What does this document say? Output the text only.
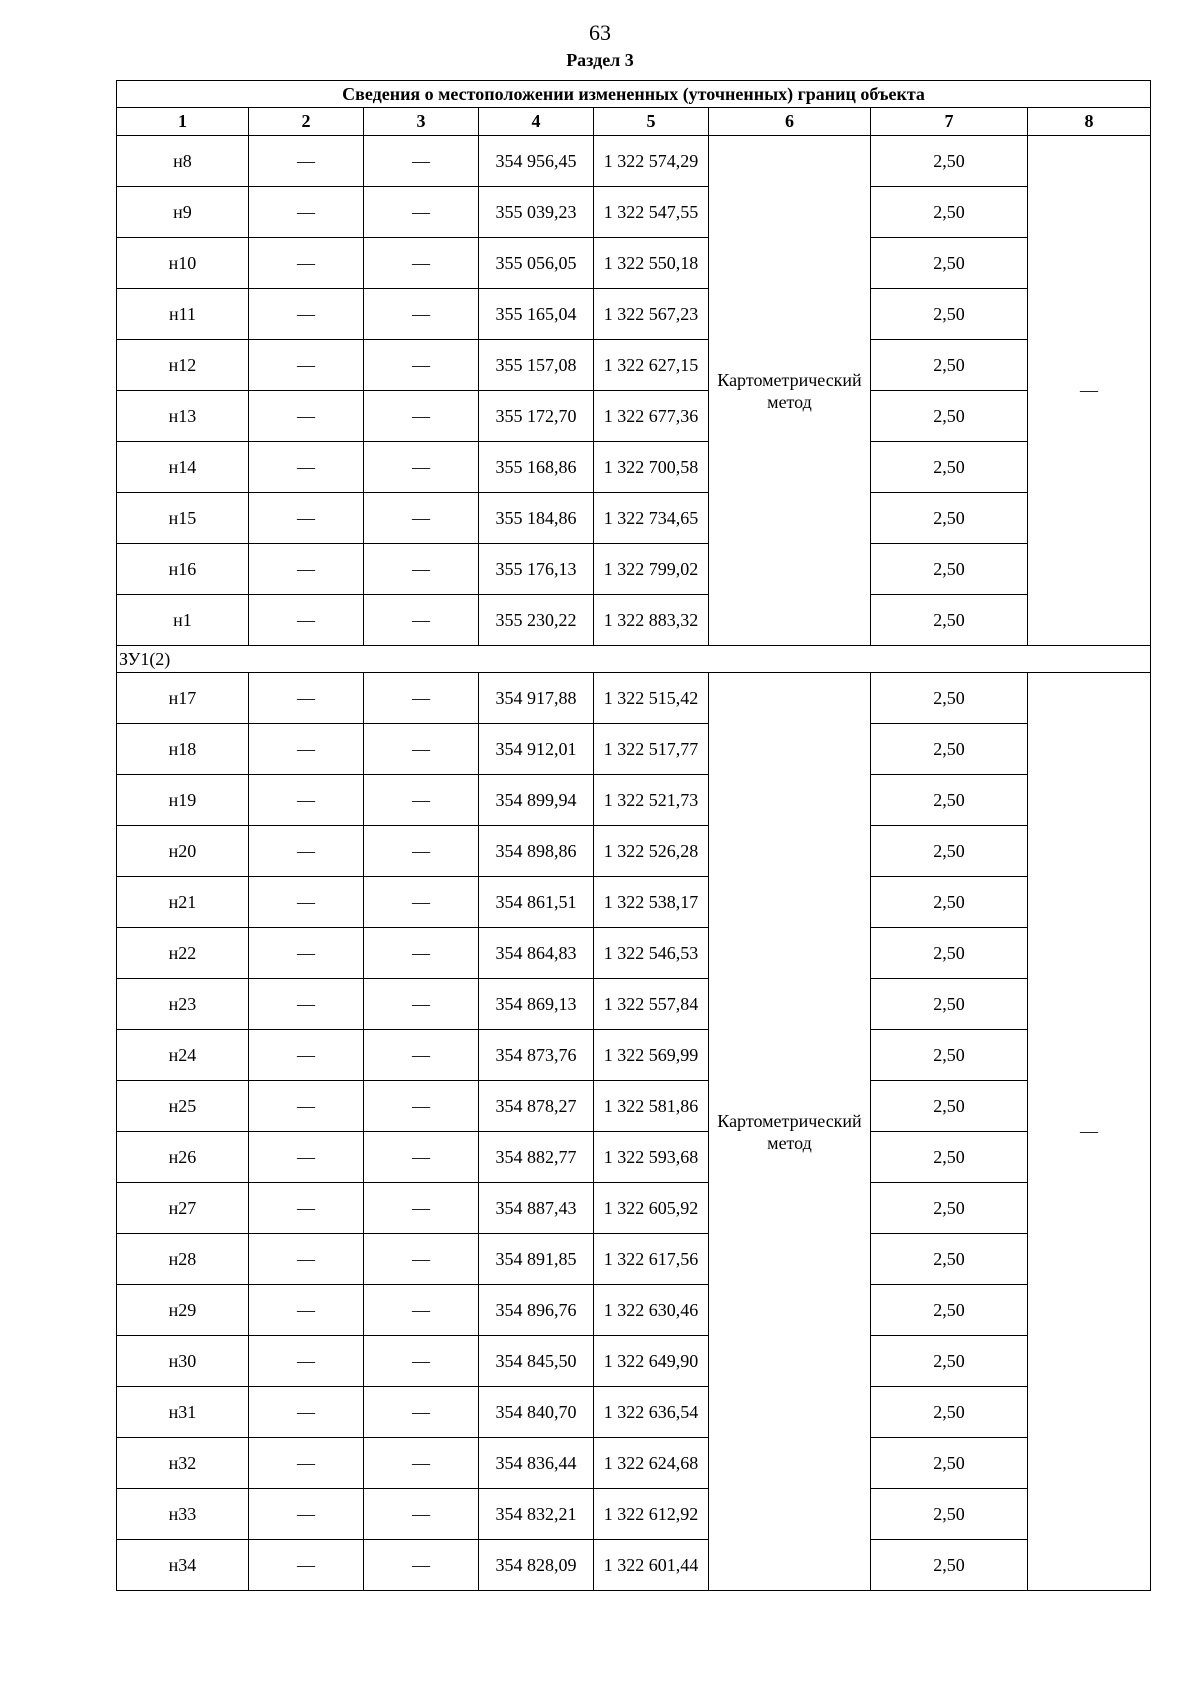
63
Раздел 3
Сведения о местоположении измененных (уточненных) границ объекта							
1	2	3	4	5	6	7	8
н8	—	—	354 956,45	1 322 574,29	Картометрический метод	2,50	—
н9	—	—	355 039,23	1 322 547,55		2,50	
н10	—	—	355 056,05	1 322 550,18		2,50	
н11	—	—	355 165,04	1 322 567,23		2,50	
н12	—	—	355 157,08	1 322 627,15		2,50	
н13	—	—	355 172,70	1 322 677,36		2,50	
н14	—	—	355 168,86	1 322 700,58		2,50	
н15	—	—	355 184,86	1 322 734,65		2,50	
н16	—	—	355 176,13	1 322 799,02		2,50	
н1	—	—	355 230,22	1 322 883,32		2,50	
ЗУ1(2)							
н17	—	—	354 917,88	1 322 515,42	Картометрический метод	2,50	—
н18	—	—	354 912,01	1 322 517,77		2,50	
н19	—	—	354 899,94	1 322 521,73		2,50	
н20	—	—	354 898,86	1 322 526,28		2,50	
н21	—	—	354 861,51	1 322 538,17		2,50	
н22	—	—	354 864,83	1 322 546,53		2,50	
н23	—	—	354 869,13	1 322 557,84		2,50	
н24	—	—	354 873,76	1 322 569,99		2,50	
н25	—	—	354 878,27	1 322 581,86		2,50	
н26	—	—	354 882,77	1 322 593,68		2,50	
н27	—	—	354 887,43	1 322 605,92		2,50	
н28	—	—	354 891,85	1 322 617,56		2,50	
н29	—	—	354 896,76	1 322 630,46		2,50	
н30	—	—	354 845,50	1 322 649,90		2,50	
н31	—	—	354 840,70	1 322 636,54		2,50	
н32	—	—	354 836,44	1 322 624,68		2,50	
н33	—	—	354 832,21	1 322 612,92		2,50	
н34	—	—	354 828,09	1 322 601,44		2,50	
